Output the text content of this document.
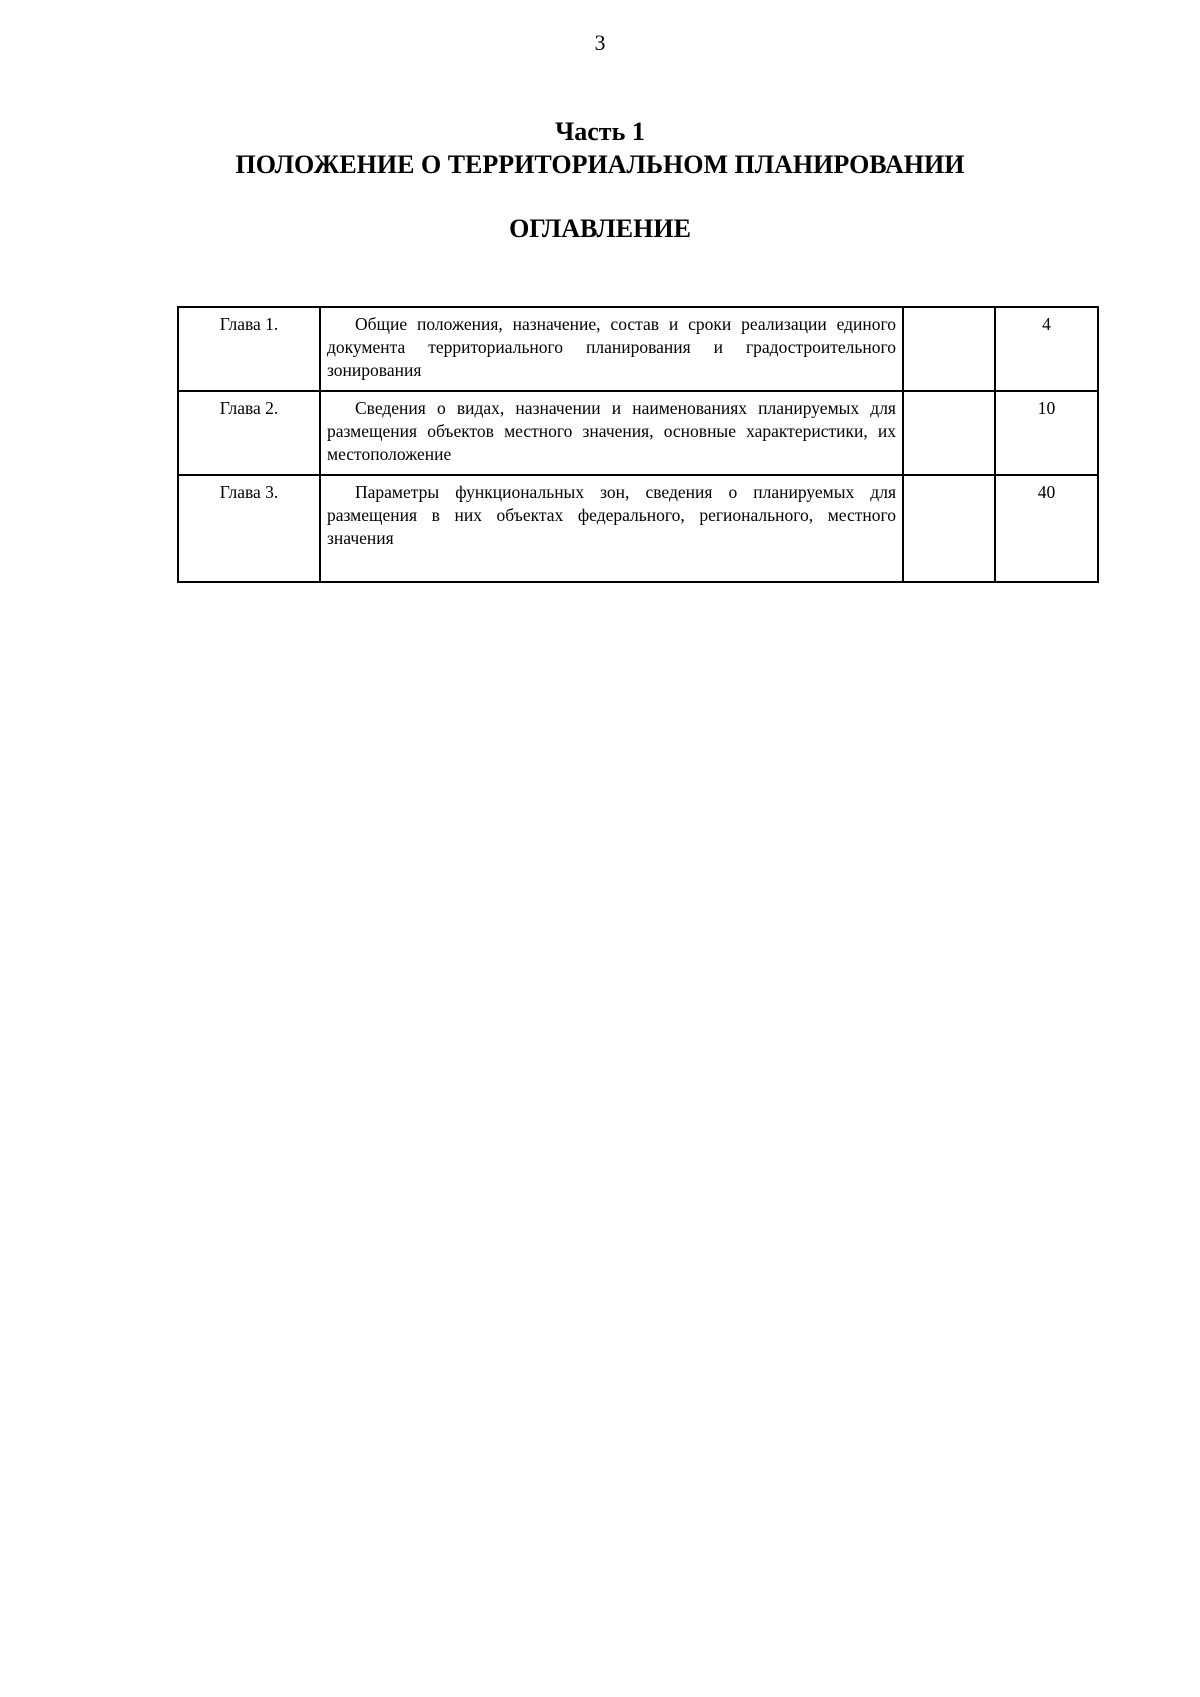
3
Часть 1
ПОЛОЖЕНИЕ О ТЕРРИТОРИАЛЬНОМ ПЛАНИРОВАНИИ
ОГЛАВЛЕНИЕ
Глава 1.	Общие положения, назначение, состав и сроки реализации единого документа территориального планирования и градостроительного зонирования		4
Глава 2.	Сведения о видах, назначении и наименованиях планируемых для размещения объектов местного значения, основные характеристики, их местоположение		10
Глава 3.	Параметры функциональных зон, сведения о планируемых для размещения в них объектах федерального, регионального, местного значения		40
